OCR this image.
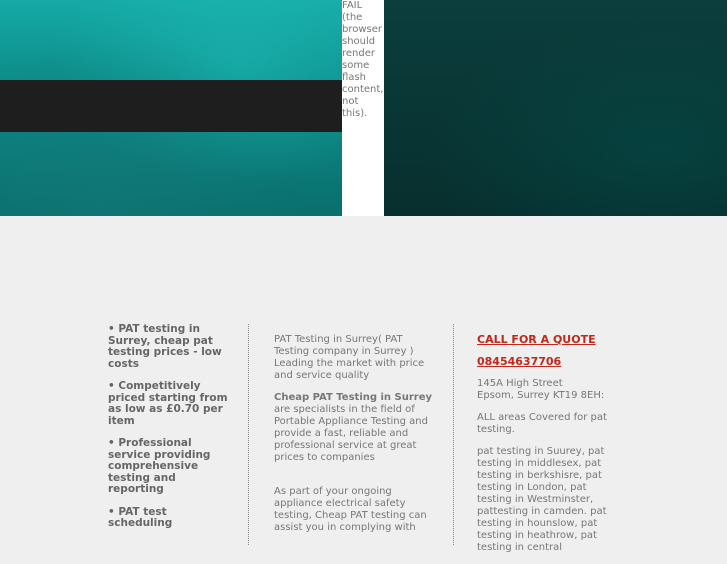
FAIL (the browser should render some flash content, not this).

• PAT testing in Surrey, cheap pat testing prices - low costs

• Competitively priced starting from as low as £0.70 per item

• Professional service providing comprehensive testing and reporting

• PAT test scheduling

PAT Testing in Surrey( PAT Testing company in Surrey ) Leading the market with price and service quality

Cheap PAT Testing in Surrey are specialists in the field of Portable Appliance Testing and provide a fast, reliable and professional service at great prices to companies

As part of your ongoing appliance electrical safety testing, Cheap PAT testing can assist you in complying with

CALL FOR A QUOTE
08454637706

145A High Street
Epsom, Surrey KT19 8EH:

ALL areas Covered for pat testing.

pat testing in Suurey, pat testing in middlesex, pat testing in berkshisre, pat testing in London, pat testing in Westminster, pattesting in camden. pat testing in hounslow, pat testing in heathrow, pat testing in central
